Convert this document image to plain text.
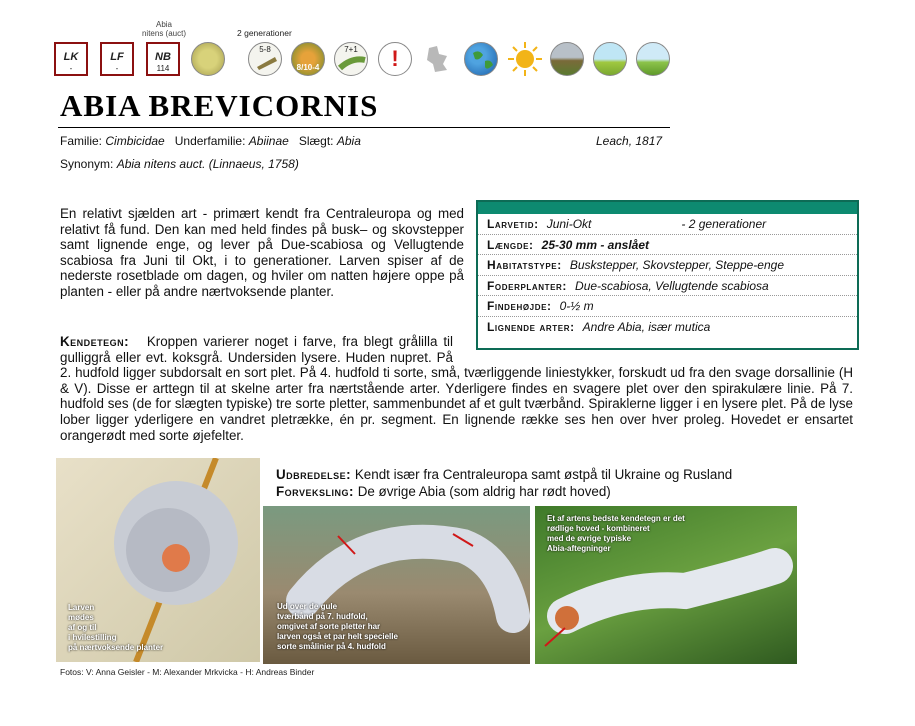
Abia
nitens (auct)	2 generationer
LK
-
LF
-
NB
114
5-8
8/10-4
7+1	!
ABIA BREVICORNIS
Familie: Cimbicidae Underfamilie: Abiinae Slægt: Abia	Leach, 1817
Synonym: Abia nitens auct. (Linnaeus, 1758)
En relativt sjælden art - primært kendt fra Centraleuropa og med relativt få fund. Den kan med held findes på busk– og skovstepper samt lignende enge, og lever på Due-scabiosa og Vellugtende scabiosa fra Juni til Okt, i to generationer. Larven spiser af de nederste rosetblade om dagen, og hviler om natten højere oppe på planten - eller på andre nærtvoksende planter.
Larvetid: Juni-Okt	- 2 generationer
Længde: 25-30 mm - anslået
Habitatstype: Buskstepper, Skovstepper, Steppe-enge
Foderplanter: Due-scabiosa, Vellugtende scabiosa
Findehøjde: 0-½ m
Lignende arter: Andre Abia, især mutica
Kendetegn: Kroppen varierer noget i farve, fra blegt grålilla til gulliggrå eller evt. koksgrå. Undersiden lysere. Huden nupret. På 2. hudfold ligger subdorsalt en sort plet. På 4. hudfold ti sorte, små, tværliggende liniestykker, forskudt ud fra den svage dorsallinie (H & V). Disse er arttegn til at skelne arter fra nærtstående arter. Yderligere findes en svagere plet over den spirakulære linie. På 7. hudfold ses (de for slægten typiske) tre sorte pletter, sammenbundet af et gult tværbånd. Spiraklerne ligger i en lysere plet. På de lyse lober ligger yderligere en vandret pletrække, én pr. segment. En lignende række ses hen over hver proleg. Hovedet er ensartet orangerødt med sorte øjefelter.
Udbredelse: Kendt især fra Centraleuropa samt østpå til Ukraine og Rusland
Forveksling: De øvrige Abia (som aldrig har rødt hoved)
Larven
mødes
af og til
i hvilestilling
på nærtvoksende planter
Ud over de gule
tværbånd på 7. hudfold,
omgivet af sorte pletter har
larven også et par helt specielle
sorte smålinier på 4. hudfold
Et af artens bedste kendetegn er det
rødlige hoved - kombineret
med de øvrige typiske
Abia-aftegninger
Fotos: V: Anna Geisler - M: Alexander Mrkvicka - H: Andreas Binder
